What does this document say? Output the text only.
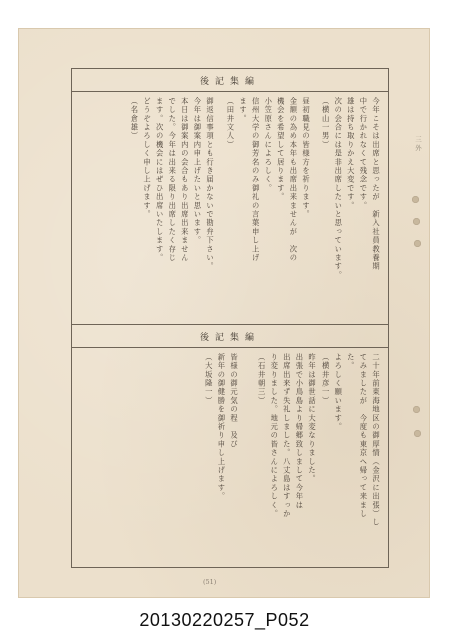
編集記後
今年こそは出席と思ったが　新入社員教養期
中で行かれなくて残念です。
雄は持ち取りかえ大変です。
次の会合には是非出席したいと思っています。
（横山一男）
昼初職見の皆様方を祈ります。
金額の為め本年も出席出来ませんが　次の
機会を希望して居ります。
小笠原さんによろしく。
信州大学の御芳名のみ御礼の言葉申し上げ
ます。
（田井文人）
御返信事項とも行き届かないで勘弁下さい。
今年は御案内申上げたいと思います。
本日は御案内の会合もあり出席出来ません
でした。今年は出来る限り出席したく存じ
ます。次の機会にはぜひ出席いたします。
どうぞよろしく申し上げます。
（名倉雄）
編集記後
二十年前東海地区の御厚情（金沢に出張）し
てみましたが　今度も東京へ帰って来まし
た。
よろしく願います。
（横井彦一）
昨年は御世話に大変なりました。
出張で小鳥島より帰郷致しまして今年は
出席出来ず失礼しました。八丈島はすっか
り変りました。地元の皆さんによろしく。
（石井朝三）
皆様の御元気の程　及び
新年の御健勝を御祈り申し上げます。
（大坂隆一）
(51)
三外
20130220257_P052
